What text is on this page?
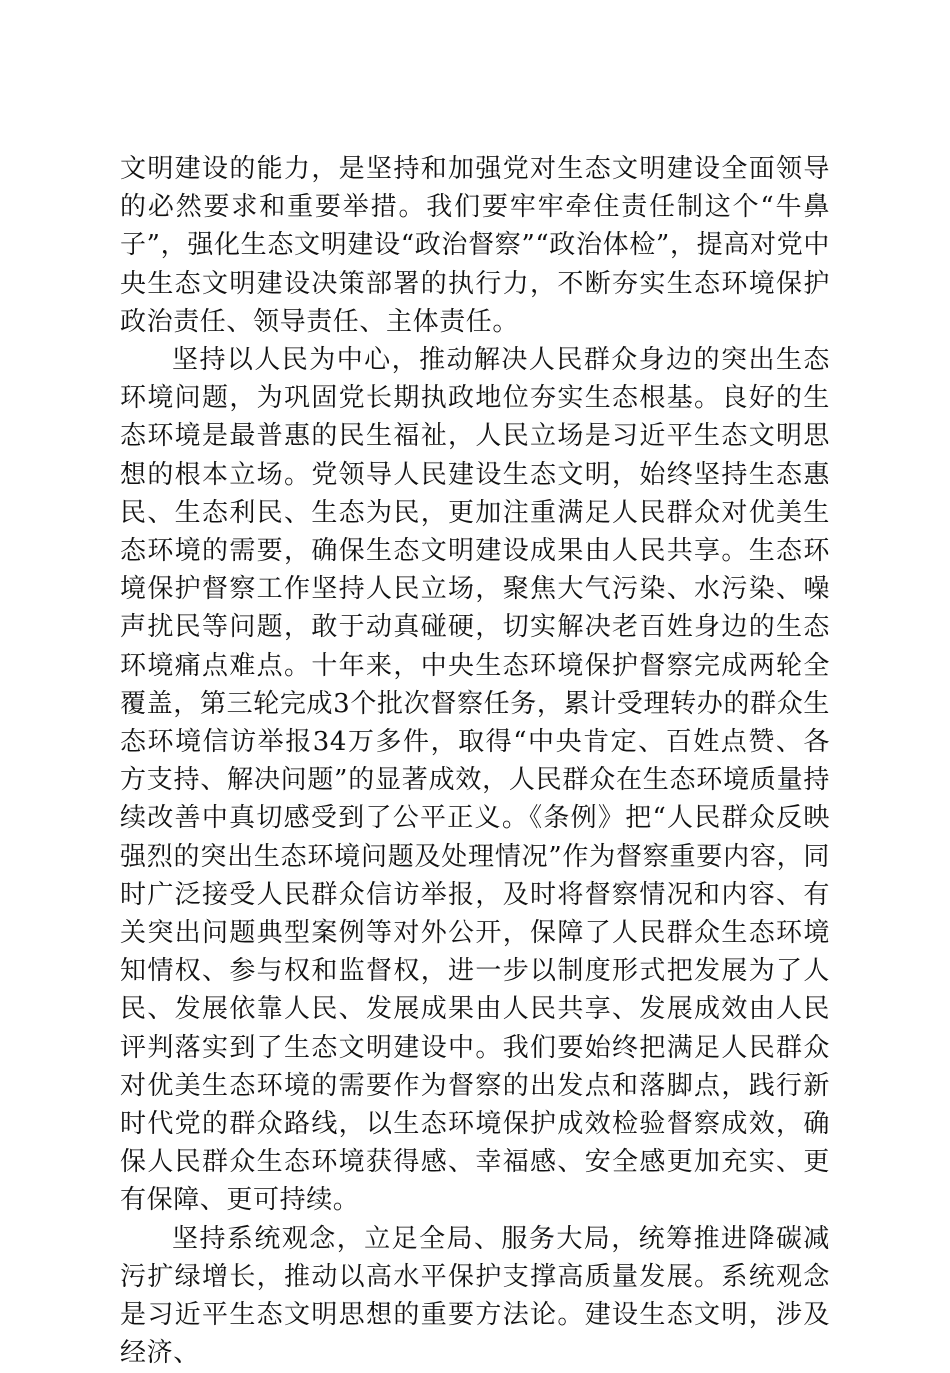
文明建设的能力，是坚持和加强党对生态文明建设全面领导的必然要求和重要举措。我们要牢牢牵住责任制这个“牛鼻子”，强化生态文明建设“政治督察”“政治体检”，提高对党中央生态文明建设决策部署的执行力，不断夯实生态环境保护政治责任、领导责任、主体责任。

坚持以人民为中心，推动解决人民群众身边的突出生态环境问题，为巩固党长期执政地位夯实生态根基。良好的生态环境是最普惠的民生福祉，人民立场是习近平生态文明思想的根本立场。党领导人民建设生态文明，始终坚持生态惠民、生态利民、生态为民，更加注重满足人民群众对优美生态环境的需要，确保生态文明建设成果由人民共享。生态环境保护督察工作坚持人民立场，聚焦大气污染、水污染、噪声扰民等问题，敢于动真碰硬，切实解决老百姓身边的生态环境痛点难点。十年来，中央生态环境保护督察完成两轮全覆盖，第三轮完成3个批次督察任务，累计受理转办的群众生态环境信访举报34万多件，取得“中央肯定、百姓点赞、各方支持、解决问题”的显著成效，人民群众在生态环境质量持续改善中真切感受到了公平正义。《条例》把“人民群众反映强烈的突出生态环境问题及处理情况”作为督察重要内容，同时广泛接受人民群众信访举报，及时将督察情况和内容、有关突出问题典型案例等对外公开，保障了人民群众生态环境知情权、参与权和监督权，进一步以制度形式把发展为了人民、发展依靠人民、发展成果由人民共享、发展成效由人民评判落实到了生态文明建设中。我们要始终把满足人民群众对优美生态环境的需要作为督察的出发点和落脚点，践行新时代党的群众路线，以生态环境保护成效检验督察成效，确保人民群众生态环境获得感、幸福感、安全感更加充实、更有保障、更可持续。

坚持系统观念，立足全局、服务大局，统筹推进降碳减污扩绿增长，推动以高水平保护支撑高质量发展。系统观念是习近平生态文明思想的重要方法论。建设生态文明，涉及经济、
